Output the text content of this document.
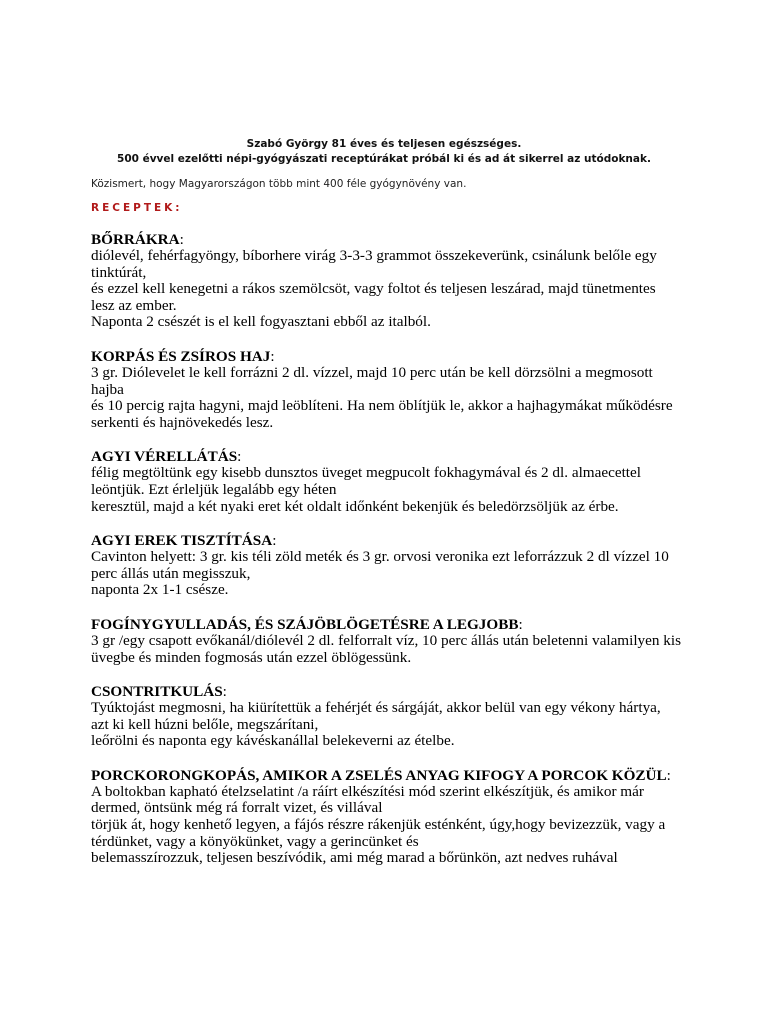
Szabó György 81 éves és teljesen egészséges.
500 évvel ezelőtti népi-gyógyászati receptúrákat próbál ki és ad át sikerrel az utódoknak.
Közismert, hogy Magyarországon több mint 400 féle gyógynövény van.
RECEPTEK:
BŐRRÁKRA:
diólevél, fehérfagyöngy, bíborhere virág 3-3-3 grammot összekeverünk, csinálunk belőle egy tinktúrát,
és ezzel kell kenegetni a rákos szemölcsöt, vagy foltot és teljesen leszárad, majd tünetmentes lesz az ember.
Naponta 2 csészét is el kell fogyasztani ebből az italból.
KORPÁS ÉS ZSÍROS HAJ:
3 gr. Diólevelet le kell forrázni 2 dl. vízzel, majd 10 perc után be kell dörzsölni a megmosott hajba
és 10 percig rajta hagyni, majd leöblíteni. Ha nem öblítjük le, akkor a hajhagymákat működésre serkenti és hajnövekedés lesz.
AGYI VÉRELLÁTÁS:
félig megtöltünk egy kisebb dunsztos üveget megpucolt fokhagymával és 2 dl. almaecettel leöntjük. Ezt érleljük legalább egy héten
keresztül, majd a két nyaki eret két oldalt időnként bekenjük és beledörzsöljük az érbe.
AGYI EREK TISZTÍTÁSA:
Cavinton helyett: 3 gr. kis téli zöld meték és 3 gr. orvosi veronika ezt leforrázzuk 2 dl vízzel 10 perc állás után megisszuk,
naponta 2x 1-1 csésze.
FOGÍNYGYULLADÁS, ÉS SZÁJÖBLÖGETÉSRE A LEGJOBB:
3 gr /egy csapott evőkanál/diólevél 2 dl. felforralt víz, 10 perc állás után beletenni valamilyen kis
üvegbe és minden fogmosás után ezzel öblögessünk.
CSONTRITKULÁS:
Tyúktojást megmosni, ha kiürítettük a fehérjét és sárgáját, akkor belül van egy vékony hártya, azt ki kell húzni belőle, megszárítani,
leőrölni és naponta egy kávéskanállal belekeverni az ételbe.
PORCKORONGKOPÁS, AMIKOR A ZSELÉS ANYAG KIFOGY A PORCOK KÖZÜL:
A boltokban kapható ételzselatint /a ráírt elkészítési mód szerint elkészítjük, és amikor már dermed, öntsünk még rá forralt vizet, és villával
törjük át, hogy kenhető legyen, a fájós részre rákenjük esténként, úgy,hogy bevizezzük, vagy a térdünket, vagy a könyökünket, vagy a gerincünket és
belemasszírozzuk, teljesen beszívódik, ami még marad a bőrünkön, azt nedves ruhával
